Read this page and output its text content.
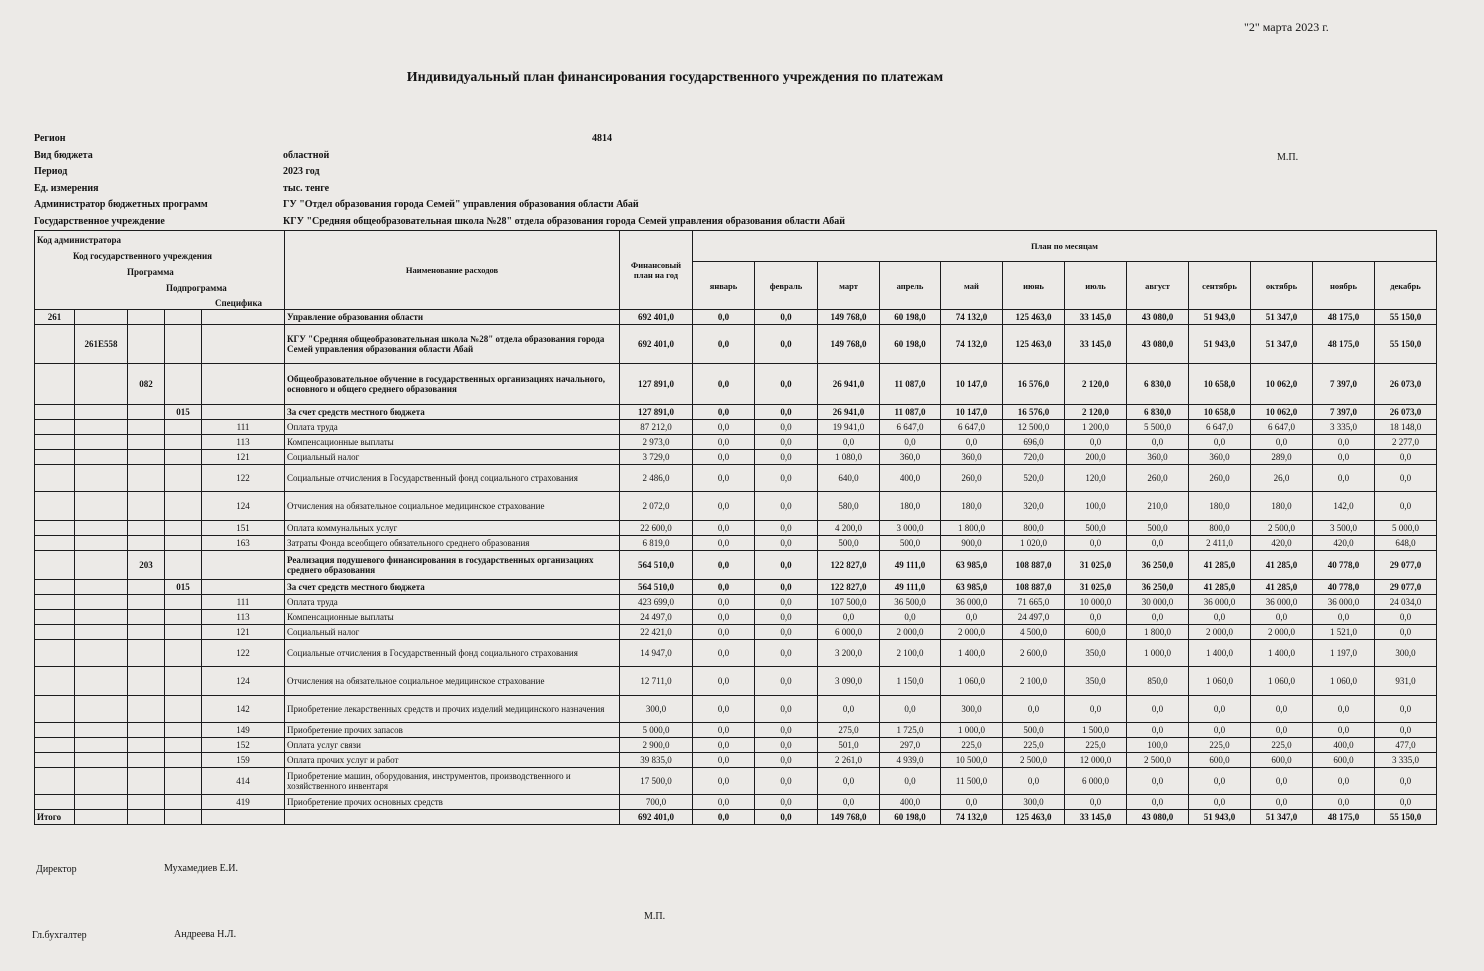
"2" марта 2023 г.
Индивидуальный план финансирования государственного учреждения по платежам
Регион	4814
Вид бюджета	областной	М.П.
Период	2023 год
Ед. измерения	тыс. тенге
Администратор бюджетных программ	ГУ "Отдел образования города Семей" управления образования области Абай
Государственное учреждение	КГУ "Средняя общеобразовательная школа №28" отдела образования города Семей управления образования области Абай
Код администратора
Код государственного учреждения
Программа
Подпрограмма
Специфика					Наименование расходов	Финансовый план на год	План по месяцам											
							январь	февраль	март	апрель	май	июнь	июль	август	сентябрь	октябрь	ноябрь	декабрь
261					Управление образования области	692 401,0	0,0	0,0	149 768,0	60 198,0	74 132,0	125 463,0	33 145,0	43 080,0	51 943,0	51 347,0	48 175,0	55 150,0
	261E558				КГУ "Средняя общеобразовательная школа №28" отдела образования города Семей управления образования области Абай	692 401,0	0,0	0,0	149 768,0	60 198,0	74 132,0	125 463,0	33 145,0	43 080,0	51 943,0	51 347,0	48 175,0	55 150,0
		082			Общеобразовательное обучение в государственных организациях начального, основного и общего среднего образования	127 891,0	0,0	0,0	26 941,0	11 087,0	10 147,0	16 576,0	2 120,0	6 830,0	10 658,0	10 062,0	7 397,0	26 073,0
			015		За счет средств местного бюджета	127 891,0	0,0	0,0	26 941,0	11 087,0	10 147,0	16 576,0	2 120,0	6 830,0	10 658,0	10 062,0	7 397,0	26 073,0
				111	Оплата труда	87 212,0	0,0	0,0	19 941,0	6 647,0	6 647,0	12 500,0	1 200,0	5 500,0	6 647,0	6 647,0	3 335,0	18 148,0
				113	Компенсационные выплаты	2 973,0	0,0	0,0	0,0	0,0	0,0	696,0	0,0	0,0	0,0	0,0	0,0	2 277,0
				121	Социальный налог	3 729,0	0,0	0,0	1 080,0	360,0	360,0	720,0	200,0	360,0	360,0	289,0	0,0	0,0
				122	Социальные отчисления в Государственный фонд социального страхования	2 486,0	0,0	0,0	640,0	400,0	260,0	520,0	120,0	260,0	260,0	26,0	0,0	0,0
				124	Отчисления на обязательное социальное медицинское страхование	2 072,0	0,0	0,0	580,0	180,0	180,0	320,0	100,0	210,0	180,0	180,0	142,0	0,0
				151	Оплата коммунальных услуг	22 600,0	0,0	0,0	4 200,0	3 000,0	1 800,0	800,0	500,0	500,0	800,0	2 500,0	3 500,0	5 000,0
				163	Затраты Фонда всеобщего обязательного среднего образования	6 819,0	0,0	0,0	500,0	500,0	900,0	1 020,0	0,0	0,0	2 411,0	420,0	420,0	648,0
		203			Реализация подушевого финансирования в государственных организациях среднего образования	564 510,0	0,0	0,0	122 827,0	49 111,0	63 985,0	108 887,0	31 025,0	36 250,0	41 285,0	41 285,0	40 778,0	29 077,0
			015		За счет средств местного бюджета	564 510,0	0,0	0,0	122 827,0	49 111,0	63 985,0	108 887,0	31 025,0	36 250,0	41 285,0	41 285,0	40 778,0	29 077,0
				111	Оплата труда	423 699,0	0,0	0,0	107 500,0	36 500,0	36 000,0	71 665,0	10 000,0	30 000,0	36 000,0	36 000,0	36 000,0	24 034,0
				113	Компенсационные выплаты	24 497,0	0,0	0,0	0,0	0,0	0,0	24 497,0	0,0	0,0	0,0	0,0	0,0	0,0
				121	Социальный налог	22 421,0	0,0	0,0	6 000,0	2 000,0	2 000,0	4 500,0	600,0	1 800,0	2 000,0	2 000,0	1 521,0	0,0
				122	Социальные отчисления в Государственный фонд социального страхования	14 947,0	0,0	0,0	3 200,0	2 100,0	1 400,0	2 600,0	350,0	1 000,0	1 400,0	1 400,0	1 197,0	300,0
				124	Отчисления на обязательное социальное медицинское страхование	12 711,0	0,0	0,0	3 090,0	1 150,0	1 060,0	2 100,0	350,0	850,0	1 060,0	1 060,0	1 060,0	931,0
				142	Приобретение лекарственных средств и прочих изделий медицинского назначения	300,0	0,0	0,0	0,0	0,0	300,0	0,0	0,0	0,0	0,0	0,0	0,0	0,0
				149	Приобретение прочих запасов	5 000,0	0,0	0,0	275,0	1 725,0	1 000,0	500,0	1 500,0	0,0	0,0	0,0	0,0	0,0
				152	Оплата услуг связи	2 900,0	0,0	0,0	501,0	297,0	225,0	225,0	225,0	100,0	225,0	225,0	400,0	477,0
				159	Оплата прочих услуг и работ	39 835,0	0,0	0,0	2 261,0	4 939,0	10 500,0	2 500,0	12 000,0	2 500,0	600,0	600,0	600,0	3 335,0
				414	Приобретение машин, оборудования, инструментов, производственного и хозяйственного инвентаря	17 500,0	0,0	0,0	0,0	0,0	11 500,0	0,0	6 000,0	0,0	0,0	0,0	0,0	0,0
				419	Приобретение прочих основных средств	700,0	0,0	0,0	0,0	400,0	0,0	300,0	0,0	0,0	0,0	0,0	0,0	0,0
Итого						692 401,0	0,0	0,0	149 768,0	60 198,0	74 132,0	125 463,0	33 145,0	43 080,0	51 943,0	51 347,0	48 175,0	55 150,0
Директор	Мухамедиев Е.И.
М.П.
Гл.бухгалтер	Андреева Н.Л.
